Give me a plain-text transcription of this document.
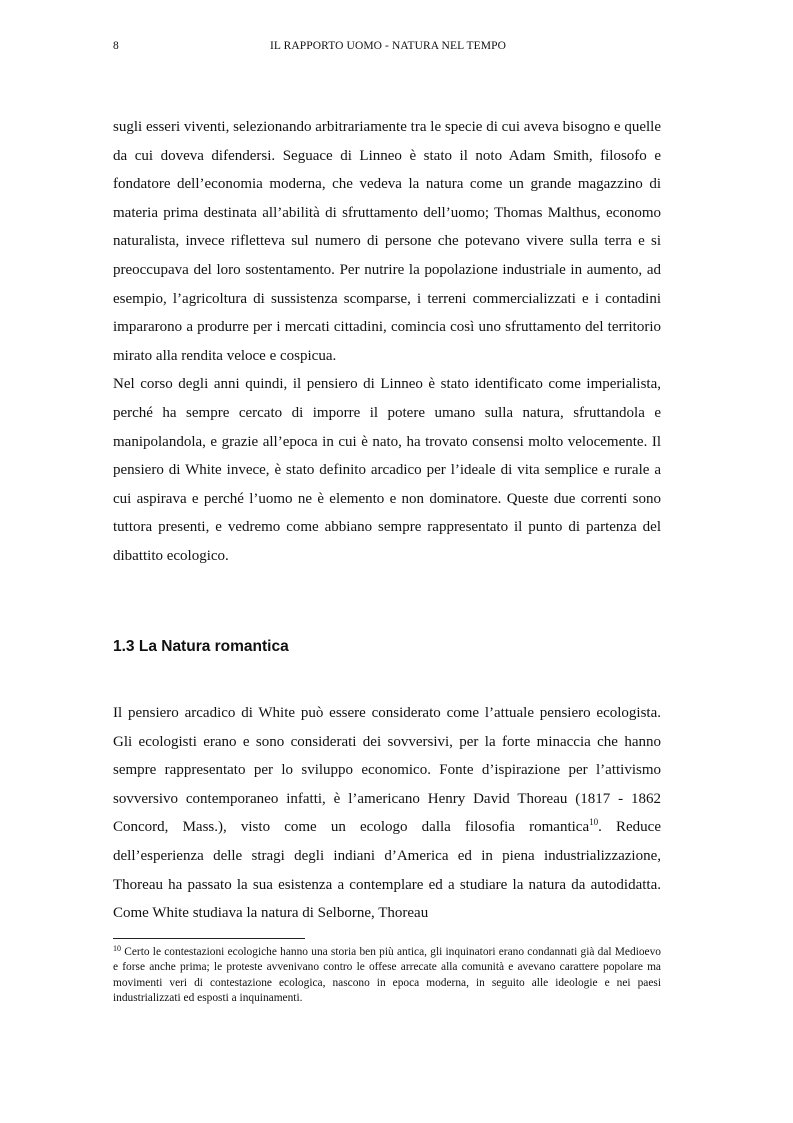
8	IL RAPPORTO UOMO - NATURA NEL TEMPO

sugli esseri viventi, selezionando arbitrariamente tra le specie di cui aveva bisogno e quelle da cui doveva difendersi. Seguace di Linneo è stato il noto Adam Smith, filosofo e fondatore dell’economia moderna, che vedeva la natura come un grande magazzino di materia prima destinata all’abilità di sfruttamento dell’uomo; Thomas Malthus, economo naturalista, invece rifletteva sul numero di persone che potevano vivere sulla terra e si preoccupava del loro sostentamento. Per nutrire la popolazione industriale in aumento, ad esempio, l’agricoltura di sussistenza scomparse, i terreni commercializzati e i contadini impararono a produrre per i mercati cittadini, comincia così uno sfruttamento del territorio mirato alla rendita veloce e cospicua.

Nel corso degli anni quindi, il pensiero di Linneo è stato identificato come imperialista, perché ha sempre cercato di imporre il potere umano sulla natura, sfruttandola e manipolandola, e grazie all’epoca in cui è nato, ha trovato consensi molto velocemente. Il pensiero di White invece, è stato definito arcadico per l’ideale di vita semplice e rurale a cui aspirava e perché l’uomo ne è elemento e non dominatore. Queste due correnti sono tuttora presenti, e vedremo come abbiano sempre rappresentato il punto di partenza del dibattito ecologico.

1.3 La Natura romantica

Il pensiero arcadico di White può essere considerato come l’attuale pensiero ecologista. Gli ecologisti erano e sono considerati dei sovversivi, per la forte minaccia che hanno sempre rappresentato per lo sviluppo economico. Fonte d’ispirazione per l’attivismo sovversivo contemporaneo infatti, è l’americano Henry David Thoreau (1817 - 1862 Concord, Mass.), visto come un ecologo dalla filosofia romantica$^{10}$. Reduce dell’esperienza delle stragi degli indiani d’America ed in piena industrializzazione, Thoreau ha passato la sua esistenza a contemplare ed a studiare la natura da autodidatta. Come White studiava la natura di Selborne, Thoreau

$^{10}$ Certo le contestazioni ecologiche hanno una storia ben più antica, gli inquinatori erano condannati già dal Medioevo e forse anche prima; le proteste avvenivano contro le offese arrecate alla comunità e avevano carattere popolare ma movimenti veri di contestazione ecologica, nascono in epoca moderna, in seguito alle ideologie e nei paesi industrializzati ed esposti a inquinamenti.
